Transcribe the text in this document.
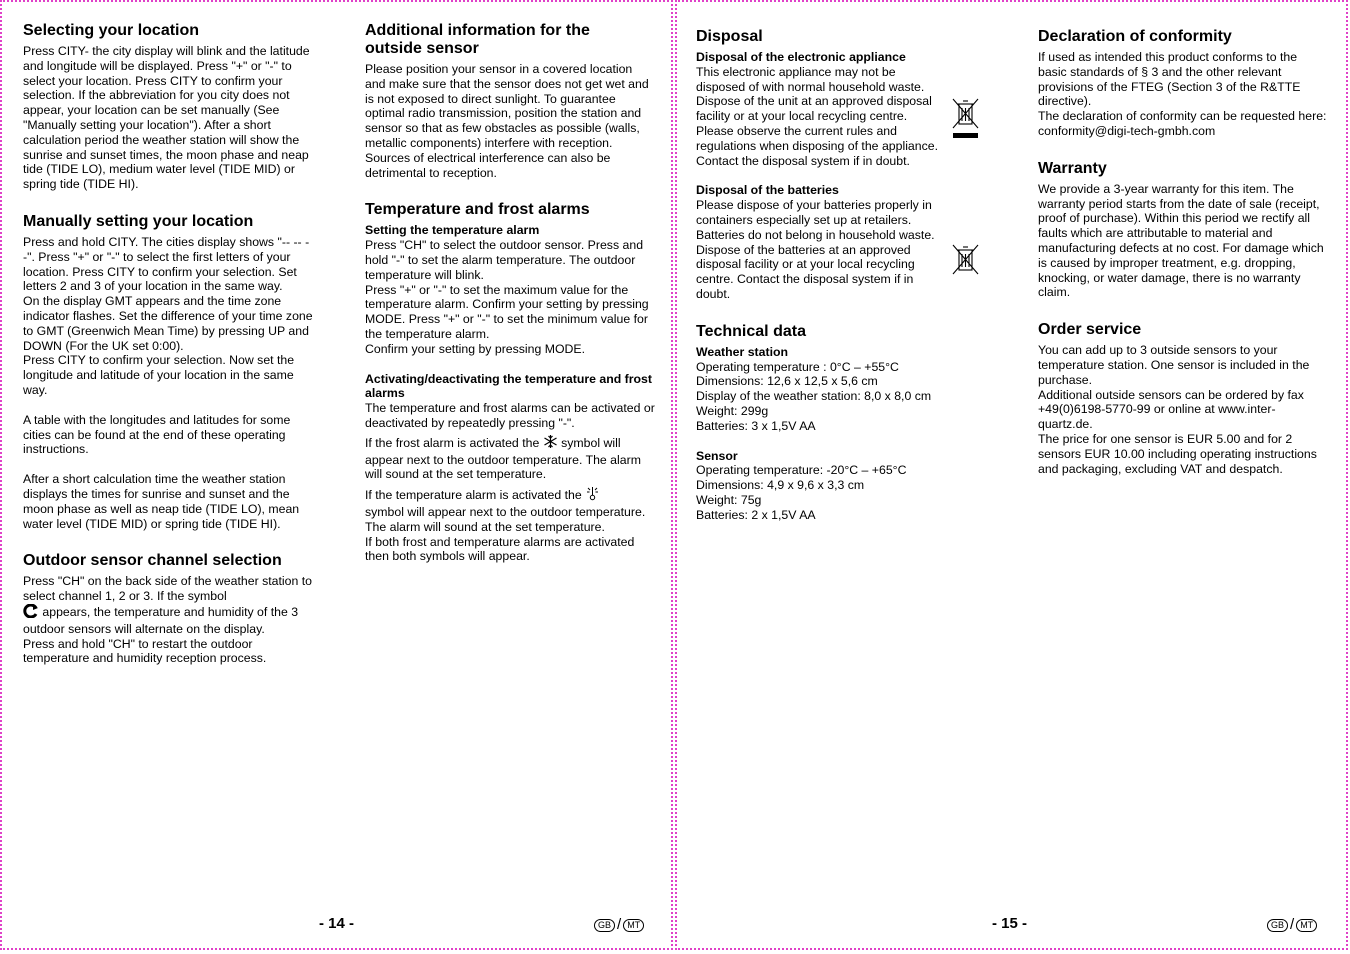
Selecting your location

Press CITY- the city display will blink and the latitude and longitude will be displayed. Press "+" or "-" to select your location. Press CITY to confirm your selection. If the abbreviation for you city does not appear, your location can be set manually (See "Manually setting your location"). After a short calculation period the weather station will show the sunrise and sunset times, the moon phase and neap tide (TIDE LO), medium water level (TIDE MID) or spring tide (TIDE HI).

Manually setting your location

Press and hold CITY. The cities display shows "-- -- --". Press "+" or "-" to select the first letters of your location. Press CITY to confirm your selection. Set letters 2 and 3 of your location in the same way.

On the display GMT appears and the time zone indicator flashes. Set the difference of your time zone to GMT (Greenwich Mean Time) by pressing UP and DOWN (For the UK set 0:00).

Press CITY to confirm your selection. Now set the longitude and latitude of your location in the same way.

A table with the longitudes and latitudes for some cities can be found at the end of these operating instructions.

After a short calculation time the weather station displays the times for sunrise and sunset and the moon phase as well as neap tide (TIDE LO), mean water level (TIDE MID) or spring tide (TIDE HI).

Outdoor sensor channel selection

Press "CH" on the back side of the weather station to select channel 1, 2 or 3. If the symbol
appears, the temperature and humidity of the 3 outdoor sensors will alternate on the display.
Press and hold "CH" to restart the outdoor temperature and humidity reception process.

Additional information for the outside sensor

Please position your sensor in a covered location and make sure that the sensor does not get wet and is not exposed to direct sunlight. To guarantee optimal radio transmission, position the station and sensor so that as few obstacles as possible (walls, metallic components) interfere with reception.

Sources of electrical interference can also be detrimental to reception.

Temperature and frost alarms
Setting the temperature alarm

Press "CH" to select the outdoor sensor. Press and hold "-" to set the alarm temperature. The outdoor temperature will blink.

Press "+" or "-" to set the maximum value for the temperature alarm. Confirm your setting by pressing MODE. Press "+" or "-" to set the minimum value for the temperature alarm.

Confirm your setting by pressing MODE.

Activating/deactivating the temperature and frost alarms

The temperature and frost alarms can be activated or deactivated by repeatedly pressing "-".

If the frost alarm is activated the  symbol will appear next to the outdoor temperature. The alarm will sound at the set temperature.

If the temperature alarm is activated the
symbol will appear next to the outdoor temperature. The alarm will sound at the set temperature.

If both frost and temperature alarms are activated then both symbols will appear.

- 14 -	GB / MT
Disposal
Disposal of the electronic appliance

This electronic appliance may not be disposed of with normal household waste. Dispose of the unit at an approved disposal facility or at your local recycling centre. Please observe the current rules and regulations when disposing of the appliance. Contact the disposal system if in doubt.

Disposal of the batteries

Please dispose of your batteries properly in containers especially set up at retailers. Batteries do not belong in household waste. Dispose of the batteries at an approved disposal facility or at your local recycling centre. Contact the disposal system if in doubt.

Technical data
Weather station

Operating temperature : 0°C – +55°C

Dimensions: 12,6 x 12,5 x 5,6 cm

Display of the weather station: 8,0 x 8,0 cm

Weight: 299g

Batteries: 3 x 1,5V AA

Sensor

Operating temperature: -20°C – +65°C

Dimensions: 4,9 x 9,6 x 3,3 cm

Weight: 75g

Batteries: 2 x 1,5V AA

Declaration of conformity

If used as intended this product conforms to the basic standards of § 3 and the other relevant provisions of the FTEG (Section 3 of the R&TTE directive).

The declaration of conformity can be requested here: conformity@digi-tech-gmbh.com

Warranty

We provide a 3-year warranty for this item. The warranty period starts from the date of sale (receipt, proof of purchase). Within this period we rectify all faults which are attributable to material and manufacturing defects at no cost. For damage which is caused by improper treatment, e.g. dropping, knocking, or water damage, there is no warranty claim.

Order service

You can add up to 3 outside sensors to your temperature station. One sensor is included in the purchase.

Additional outside sensors can be ordered by fax +49(0)6198-5770-99 or online at www.inter-quartz.de.

The price for one sensor is EUR 5.00 and for 2 sensors EUR 10.00 including operating instructions and packaging, excluding VAT and despatch.

- 15 -	GB / MT
